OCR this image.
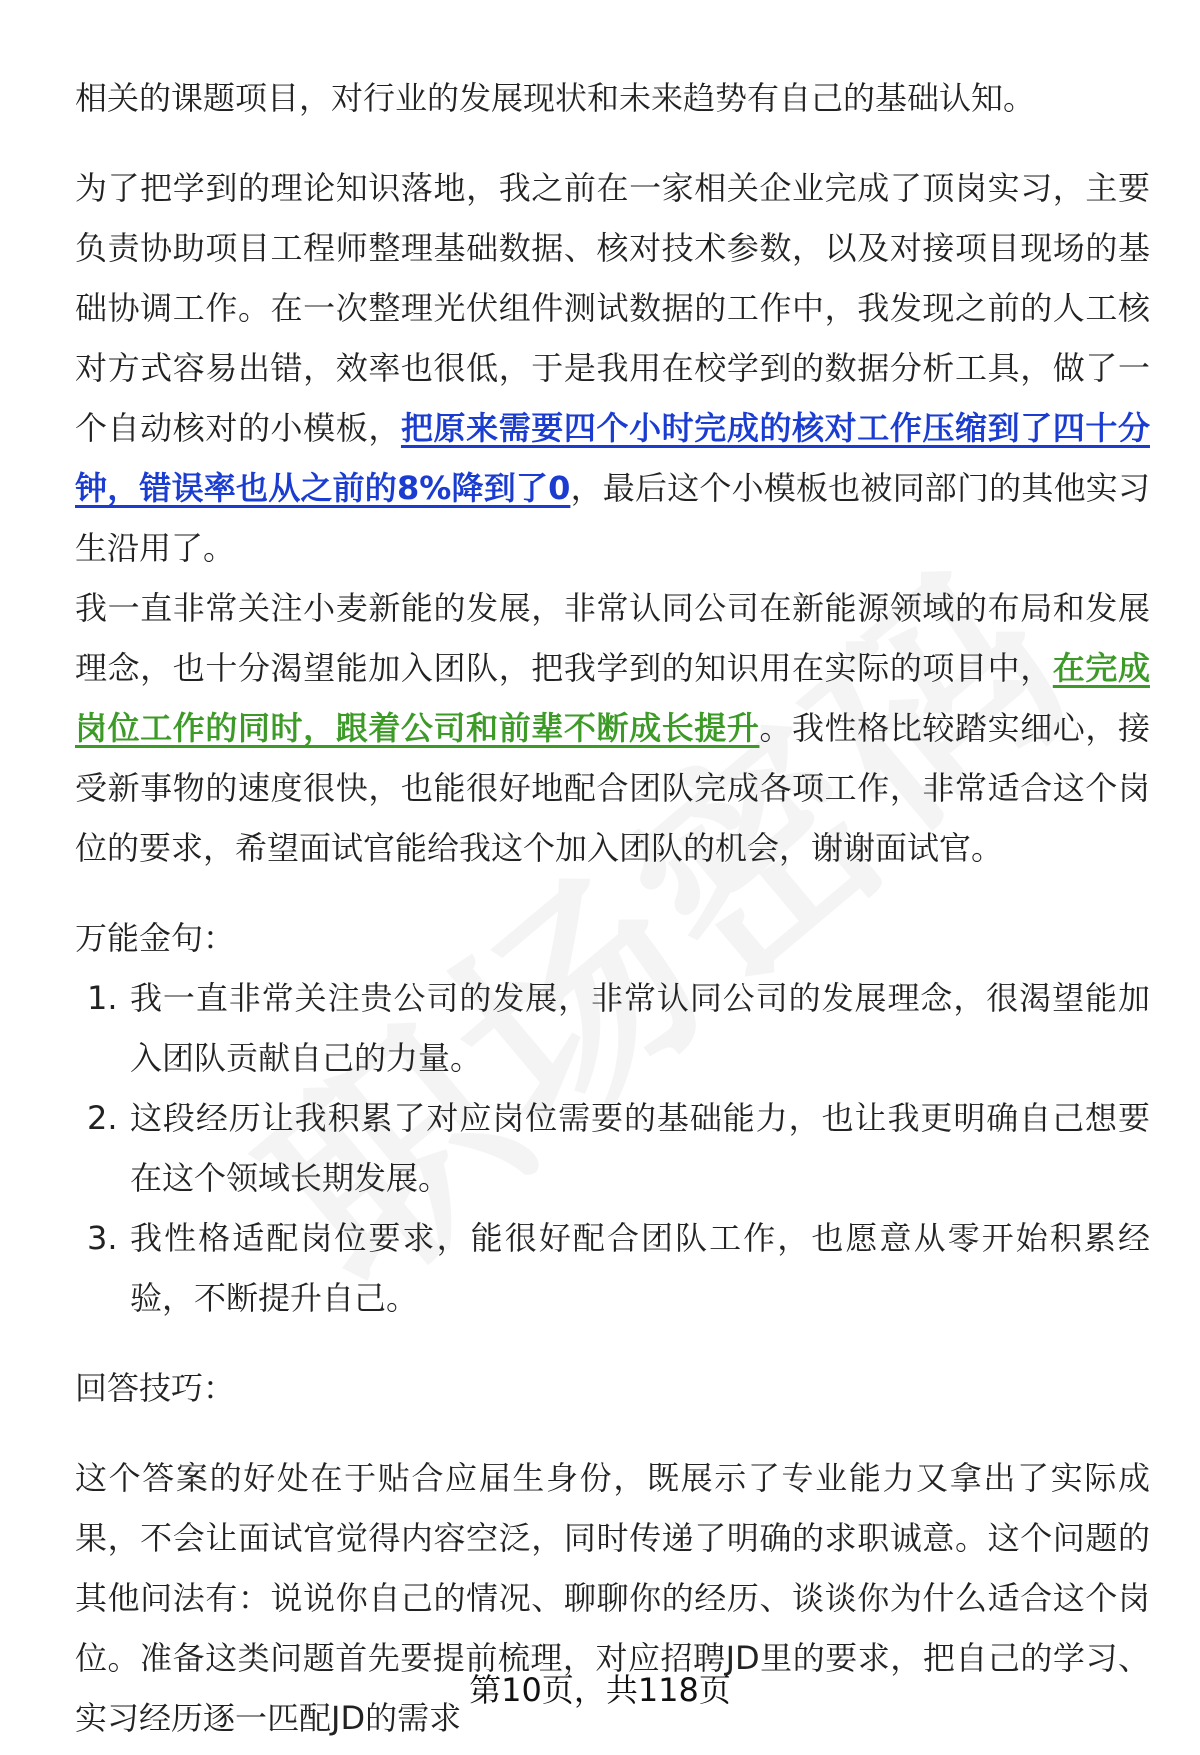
相关的课题项目，对行业的发展现状和未来趋势有自己的基础认知。

为了把学到的理论知识落地，我之前在一家相关企业完成了顶岗实习，主要负责协助项目工程师整理基础数据、核对技术参数，以及对接项目现场的基础协调工作。在一次整理光伏组件测试数据的工作中，我发现之前的人工核对方式容易出错，效率也很低，于是我用在校学到的数据分析工具，做了一个自动核对的小模板，把原来需要四个小时完成的核对工作压缩到了四十分钟，错误率也从之前的8%降到了0，最后这个小模板也被同部门的其他实习生沿用了。

我一直非常关注小麦新能的发展，非常认同公司在新能源领域的布局和发展理念，也十分渴望能加入团队，把我学到的知识用在实际的项目中，在完成岗位工作的同时，跟着公司和前辈不断成长提升。我性格比较踏实细心，接受新事物的速度很快，也能很好地配合团队完成各项工作，非常适合这个岗位的要求，希望面试官能给我这个加入团队的机会，谢谢面试官。

万能金句：

1. 我一直非常关注贵公司的发展，非常认同公司的发展理念，很渴望能加入团队贡献自己的力量。
2. 这段经历让我积累了对应岗位需要的基础能力，也让我更明确自己想要在这个领域长期发展。
3. 我性格适配岗位要求，能很好配合团队工作，也愿意从零开始积累经验，不断提升自己。

回答技巧：

这个答案的好处在于贴合应届生身份，既展示了专业能力又拿出了实际成果，不会让面试官觉得内容空泛，同时传递了明确的求职诚意。这个问题的其他问法有：说说你自己的情况、聊聊你的经历、谈谈你为什么适合这个岗位。准备这类问题首先要提前梳理，对应招聘JD里的要求，把自己的学习、实习经历逐一匹配JD的需求

第10页，共118页
